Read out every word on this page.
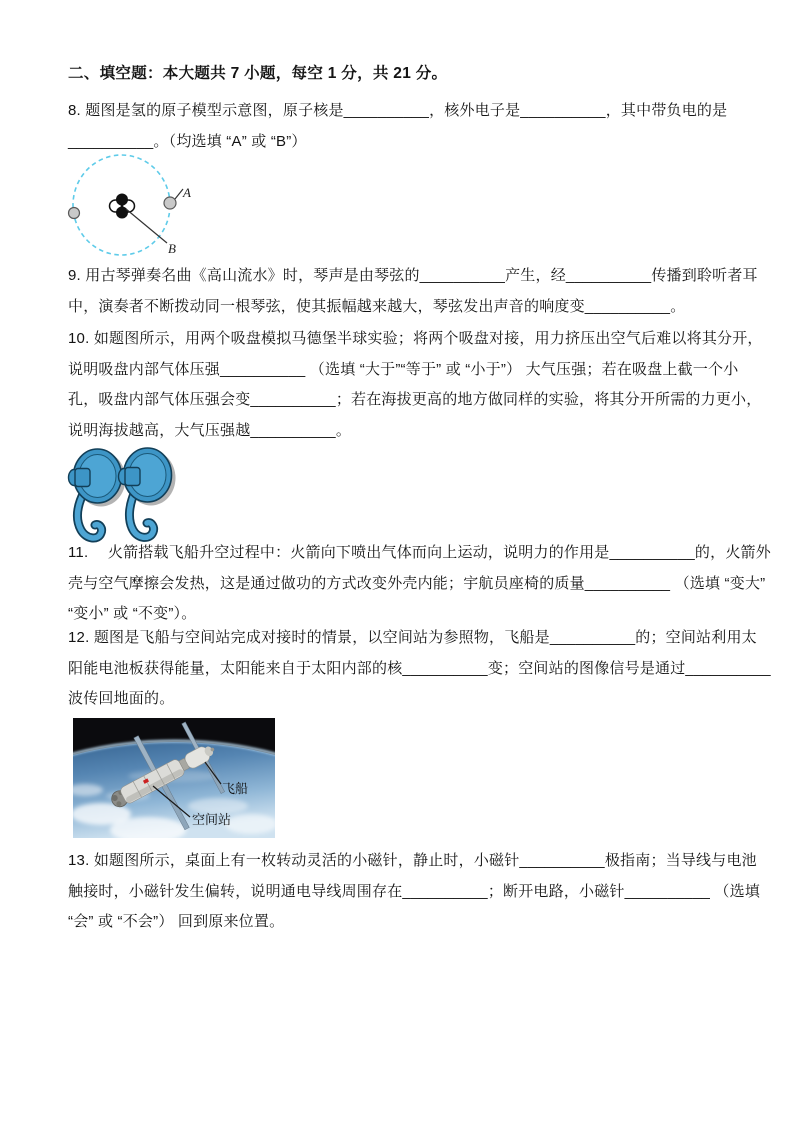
二、填空题：本大题共 7 小题，每空 1 分，共 21 分。
8. 题图是氢的原子模型示意图，原子核是__________，核外电子是__________，其中带负电的是
__________。（均选填 “A” 或 “B”）
A
B
9. 用古琴弹奏名曲《高山流水》时，琴声是由琴弦的__________产生，经__________传播到聆听者耳
中，演奏者不断拨动同一根琴弦，使其振幅越来越大，琴弦发出声音的响度变__________。
10. 如题图所示，用两个吸盘模拟马德堡半球实验；将两个吸盘对接，用力挤压出空气后难以将其分开，
说明吸盘内部气体压强__________ （选填 “大于”“等于” 或 “小于”） 大气压强；若在吸盘上截一个小
孔，吸盘内部气体压强会变__________；若在海拔更高的地方做同样的实验，将其分开所需的力更小，
说明海拔越高，大气压强越__________。
11.　 火箭搭载飞船升空过程中：火箭向下喷出气体而向上运动，说明力的作用是__________的，火箭外
壳与空气摩擦会发热，这是通过做功的方式改变外壳内能；宇航员座椅的质量__________ （选填 “变大”
“变小” 或 “不变”）。
12. 题图是飞船与空间站完成对接时的情景，以空间站为参照物，飞船是__________的；空间站利用太
阳能电池板获得能量，太阳能来自于太阳内部的核__________变；空间站的图像信号是通过__________
波传回地面的。
飞船
空间站
13. 如题图所示，桌面上有一枚转动灵活的小磁针，静止时，小磁针__________极指南；当导线与电池
触接时，小磁针发生偏转，说明通电导线周围存在__________；断开电路，小磁针__________ （选填
“会” 或 “不会”） 回到原来位置。
